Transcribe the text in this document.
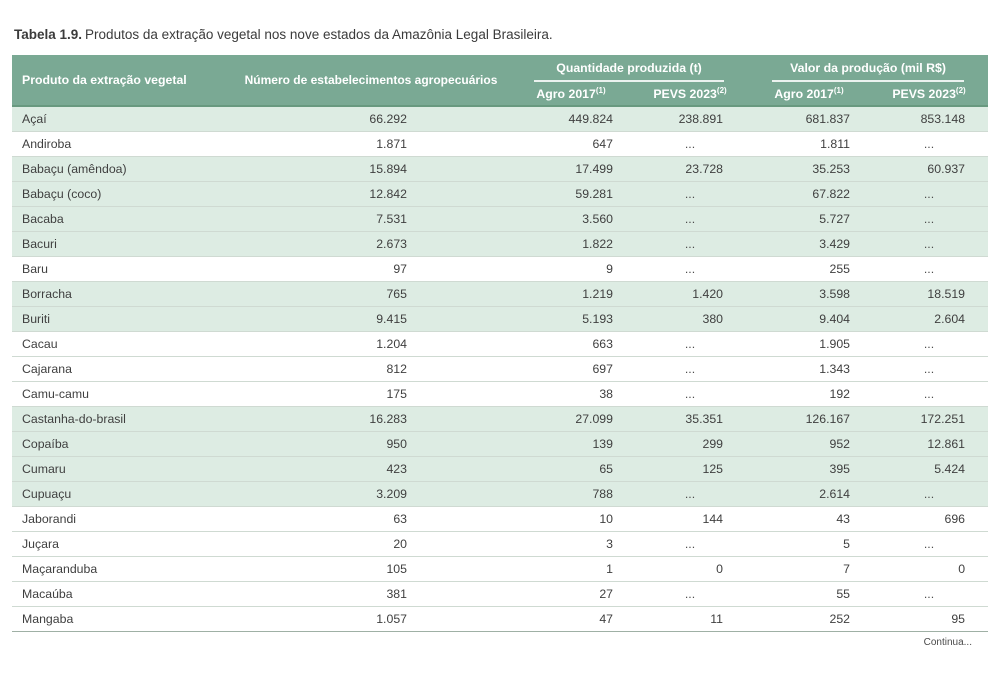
Tabela 1.9. Produtos da extração vegetal nos nove estados da Amazônia Legal Brasileira.
Produto da extração vegetal	Número de estabelecimentos agropecuários	Quantidade produzida (t)		Valor da produção (mil R$)	

		Agro 2017$^{(1)}$	PEVS 2023$^{(2)}$	Agro 2017$^{(1)}$	PEVS 2023$^{(2)}$
Açaí	66.292	449.824	238.891	681.837	853.148
Andiroba	1.871	647	...	1.811	...
Babaçu (amêndoa)	15.894	17.499	23.728	35.253	60.937
Babaçu (coco)	12.842	59.281	...	67.822	...
Bacaba	7.531	3.560	...	5.727	...
Bacuri	2.673	1.822	...	3.429	...
Baru	97	9	...	255	...
Borracha	765	1.219	1.420	3.598	18.519
Buriti	9.415	5.193	380	9.404	2.604
Cacau	1.204	663	...	1.905	...
Cajarana	812	697	...	1.343	...
Camu-camu	175	38	...	192	...
Castanha-do-brasil	16.283	27.099	35.351	126.167	172.251
Copaíba	950	139	299	952	12.861
Cumaru	423	65	125	395	5.424
Cupuaçu	3.209	788	...	2.614	...
Jaborandi	63	10	144	43	696
Juçara	20	3	...	5	...
Maçaranduba	105	1	0	7	0
Macaúba	381	27	...	55	...
Mangaba	1.057	47	11	252	95
Continua...
